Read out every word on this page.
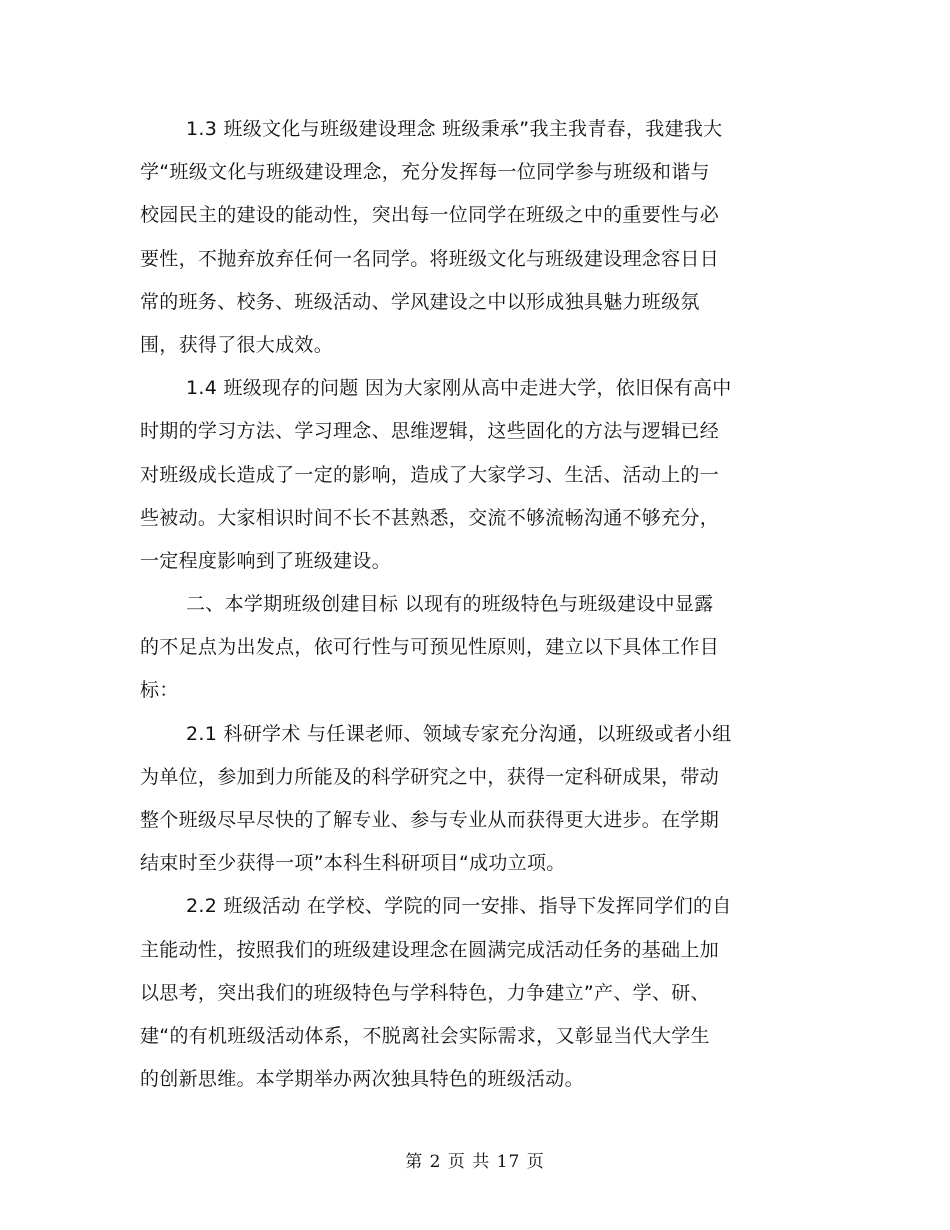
1.3 班级文化与班级建设理念 班级秉承”我主我青春，我建我大
学“班级文化与班级建设理念，充分发挥每一位同学参与班级和谐与
校园民主的建设的能动性，突出每一位同学在班级之中的重要性与必
要性，不抛弃放弃任何一名同学。将班级文化与班级建设理念容日日
常的班务、校务、班级活动、学风建设之中以形成独具魅力班级氛
围，获得了很大成效。
1.4 班级现存的问题 因为大家刚从高中走进大学，依旧保有高中
时期的学习方法、学习理念、思维逻辑，这些固化的方法与逻辑已经
对班级成长造成了一定的影响，造成了大家学习、生活、活动上的一
些被动。大家相识时间不长不甚熟悉，交流不够流畅沟通不够充分，
一定程度影响到了班级建设。
二、本学期班级创建目标 以现有的班级特色与班级建设中显露
的不足点为出发点，依可行性与可预见性原则，建立以下具体工作目
标：
2.1 科研学术 与任课老师、领域专家充分沟通，以班级或者小组
为单位，参加到力所能及的科学研究之中，获得一定科研成果，带动
整个班级尽早尽快的了解专业、参与专业从而获得更大进步。在学期
结束时至少获得一项”本科生科研项目“成功立项。
2.2 班级活动 在学校、学院的同一安排、指导下发挥同学们的自
主能动性，按照我们的班级建设理念在圆满完成活动任务的基础上加
以思考，突出我们的班级特色与学科特色，力争建立”产、学、研、
建“的有机班级活动体系，不脱离社会实际需求，又彰显当代大学生
的创新思维。本学期举办两次独具特色的班级活动。
第 2 页 共 17 页
